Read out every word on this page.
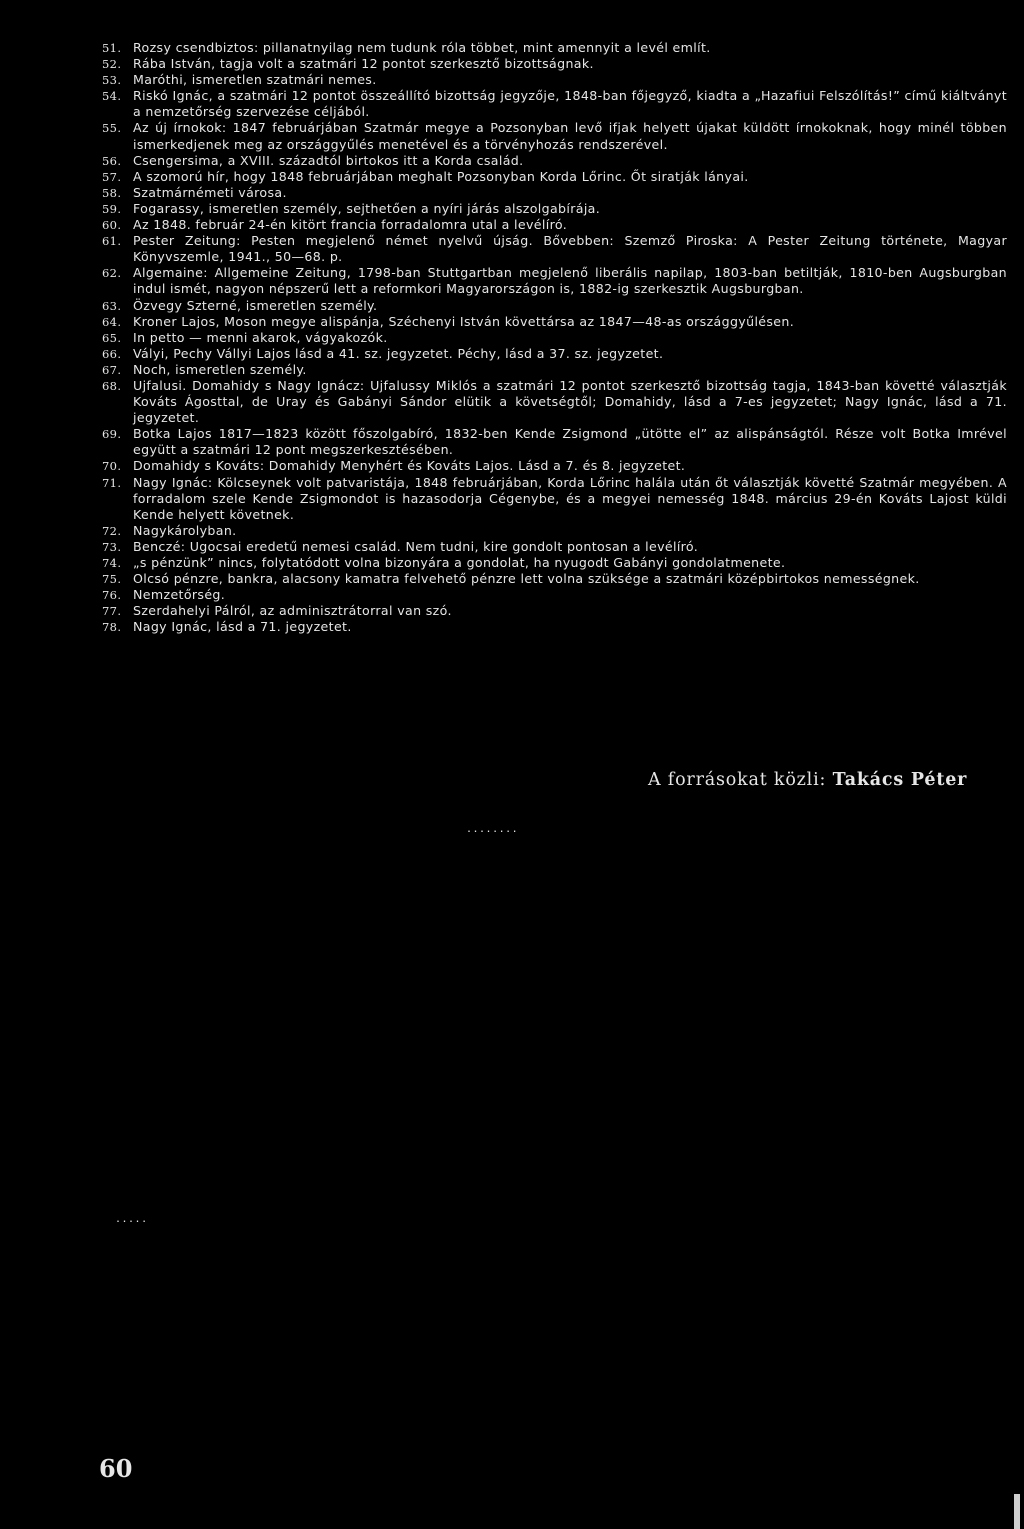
51. Rozsy csendbiztos: pillanatnyilag nem tudunk róla többet, mint amennyit a levél említ.
52. Rába István, tagja volt a szatmári 12 pontot szerkesztő bizottságnak.
53. Maróthi, ismeretlen szatmári nemes.
54. Riskó Ignác, a szatmári 12 pontot összeállító bizottság jegyzője, 1848-ban főjegyző, kiadta a „Hazafiui Felszólítás!” című kiáltványt a nemzetőrség szervezése céljából.
55. Az új írnokok: 1847 februárjában Szatmár megye a Pozsonyban levő ifjak helyett újakat küldött írnokoknak, hogy minél többen ismerkedjenek meg az országgyűlés menetével és a törvényhozás rendszerével.
56. Csengersima, a XVIII. századtól birtokos itt a Korda család.
57. A szomorú hír, hogy 1848 februárjában meghalt Pozsonyban Korda Lőrinc. Őt siratják lányai.
58. Szatmárnémeti városa.
59. Fogarassy, ismeretlen személy, sejthetően a nyíri járás alszolgabírája.
60. Az 1848. február 24-én kitört francia forradalomra utal a levélíró.
61. Pester Zeitung: Pesten megjelenő német nyelvű újság. Bővebben: Szemző Piroska: A Pester Zeitung története, Magyar Könyvszemle, 1941., 50—68. p.
62. Algemaine: Allgemeine Zeitung, 1798-ban Stuttgartban megjelenő liberális napilap, 1803-ban betiltják, 1810-ben Augsburgban indul ismét, nagyon népszerű lett a reformkori Magyarországon is, 1882-ig szerkesztik Augsburgban.
63. Özvegy Szterné, ismeretlen személy.
64. Kroner Lajos, Moson megye alispánja, Széchenyi István követtársa az 1847—48-as országgyűlésen.
65. In petto — menni akarok, vágyakozók.
66. Vályi, Pechy Vállyi Lajos lásd a 41. sz. jegyzetet. Péchy, lásd a 37. sz. jegyzetet.
67. Noch, ismeretlen személy.
68. Ujfalusi. Domahidy s Nagy Ignácz: Ujfalussy Miklós a szatmári 12 pontot szerkesztő bizottság tagja, 1843-ban követté választják Kováts Ágosttal, de Uray és Gabányi Sándor elütik a követségtől; Domahidy, lásd a 7-es jegyzetet; Nagy Ignác, lásd a 71. jegyzetet.
69. Botka Lajos 1817—1823 között főszolgabíró, 1832-ben Kende Zsigmond „ütötte el” az alispánságtól. Része volt Botka Imrével együtt a szatmári 12 pont megszerkesztésében.
70. Domahidy s Kováts: Domahidy Menyhért és Kováts Lajos. Lásd a 7. és 8. jegyzetet.
71. Nagy Ignác: Kölcseynek volt patvaristája, 1848 februárjában, Korda Lőrinc halála után őt választják követté Szatmár megyében. A forradalom szele Kende Zsigmondot is hazasodorja Cégenybe, és a megyei nemesség 1848. március 29-én Kováts Lajost küldi Kende helyett követnek.
72. Nagykárolyban.
73. Benczé: Ugocsai eredetű nemesi család. Nem tudni, kire gondolt pontosan a levélíró.
74. „s pénzünk” nincs, folytatódott volna bizonyára a gondolat, ha nyugodt Gabányi gondolatmenete.
75. Olcsó pénzre, bankra, alacsony kamatra felvehető pénzre lett volna szüksége a szatmári középbirtokos nemességnek.
76. Nemzetőrség.
77. Szerdahelyi Pálról, az adminisztrátorral van szó.
78. Nagy Ignác, lásd a 71. jegyzetet.
A forrásokat közli: Takács Péter
........
.....
60
